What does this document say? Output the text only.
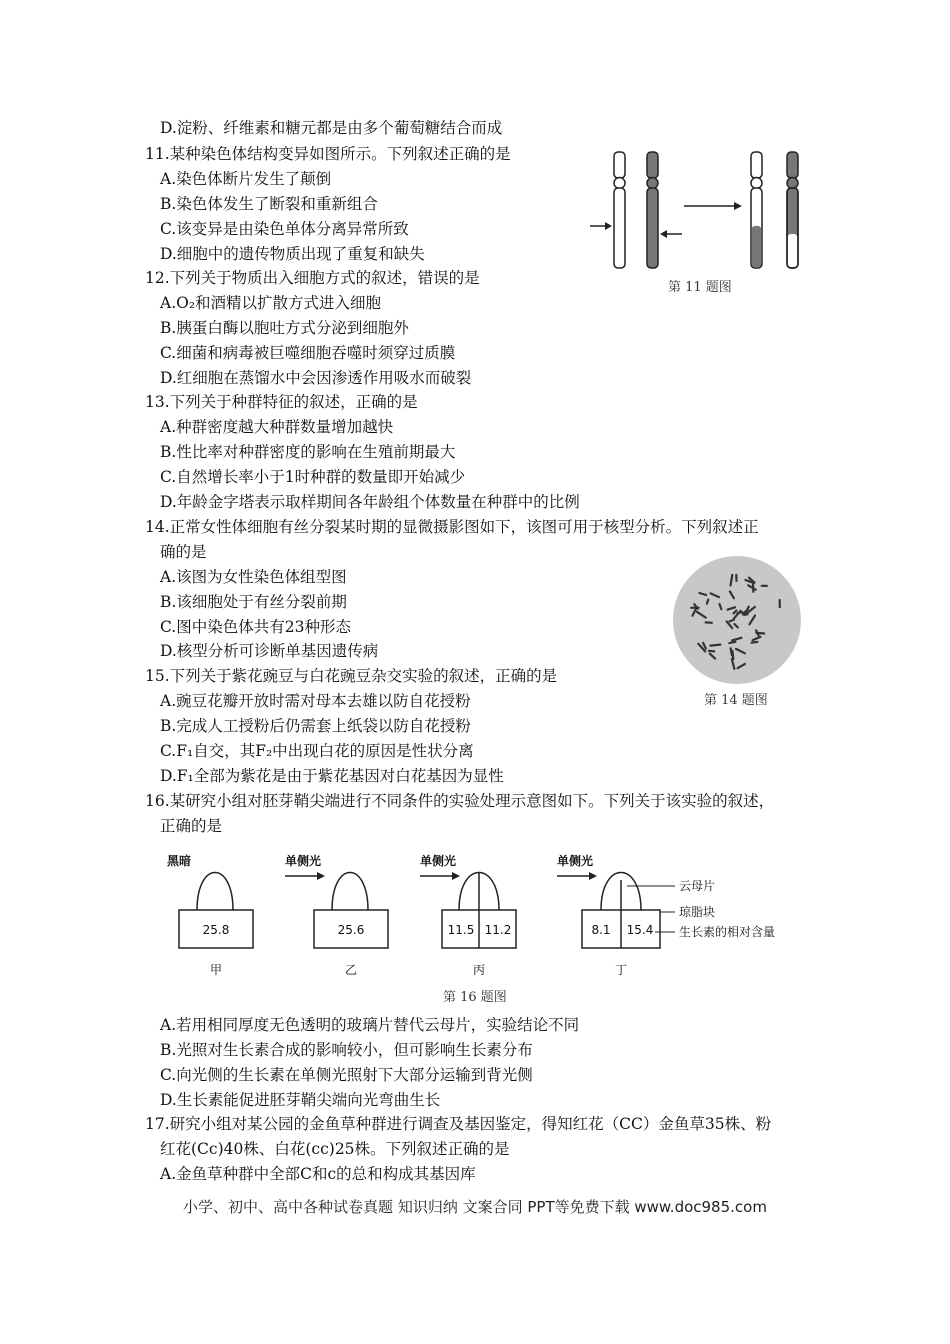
D.淀粉、纤维素和糖元都是由多个葡萄糖结合而成
11.某种染色体结构变异如图所示。下列叙述正确的是
A.染色体断片发生了颠倒
B.染色体发生了断裂和重新组合
C.该变异是由染色单体分离异常所致
D.细胞中的遗传物质出现了重复和缺失
12.下列关于物质出入细胞方式的叙述，错误的是
A.O₂和酒精以扩散方式进入细胞
B.胰蛋白酶以胞吐方式分泌到细胞外
C.细菌和病毒被巨噬细胞吞噬时须穿过质膜
D.红细胞在蒸馏水中会因渗透作用吸水而破裂
13.下列关于种群特征的叙述，正确的是
A.种群密度越大种群数量增加越快
B.性比率对种群密度的影响在生殖前期最大
C.自然增长率小于1时种群的数量即开始减少
D.年龄金字塔表示取样期间各年龄组个体数量在种群中的比例
14.正常女性体细胞有丝分裂某时期的显微摄影图如下，该图可用于核型分析。下列叙述正
确的是
A.该图为女性染色体组型图
B.该细胞处于有丝分裂前期
C.图中染色体共有23种形态
D.核型分析可诊断单基因遗传病
15.下列关于紫花豌豆与白花豌豆杂交实验的叙述，正确的是
A.豌豆花瓣开放时需对母本去雄以防自花授粉
B.完成人工授粉后仍需套上纸袋以防自花授粉
C.F₁自交，其F₂中出现白花的原因是性状分离
D.F₁全部为紫花是由于紫花基因对白花基因为显性
16.某研究小组对胚芽鞘尖端进行不同条件的实验处理示意图如下。下列关于该实验的叙述，
正确的是
A.若用相同厚度无色透明的玻璃片替代云母片，实验结论不同
B.光照对生长素合成的影响较小，但可影响生长素分布
C.向光侧的生长素在单侧光照射下大部分运输到背光侧
D.生长素能促进胚芽鞘尖端向光弯曲生长
17.研究小组对某公园的金鱼草种群进行调查及基因鉴定，得知红花（CC）金鱼草35株、粉
红花(Cc)40株、白花(cc)25株。下列叙述正确的是
A.金鱼草种群中全部C和c的总和构成其基因库
第 11 题图
第 14 题图
黑暗
25.8
甲
单侧光
25.6
乙
单侧光
11.5 11.2
丙
单侧光
8.1 15.4
丁
云母片
琼脂块
生长素的相对含量
第 16 题图
小学、初中、高中各种试卷真题 知识归纳 文案合同 PPT等免费下载 www.doc985.com
